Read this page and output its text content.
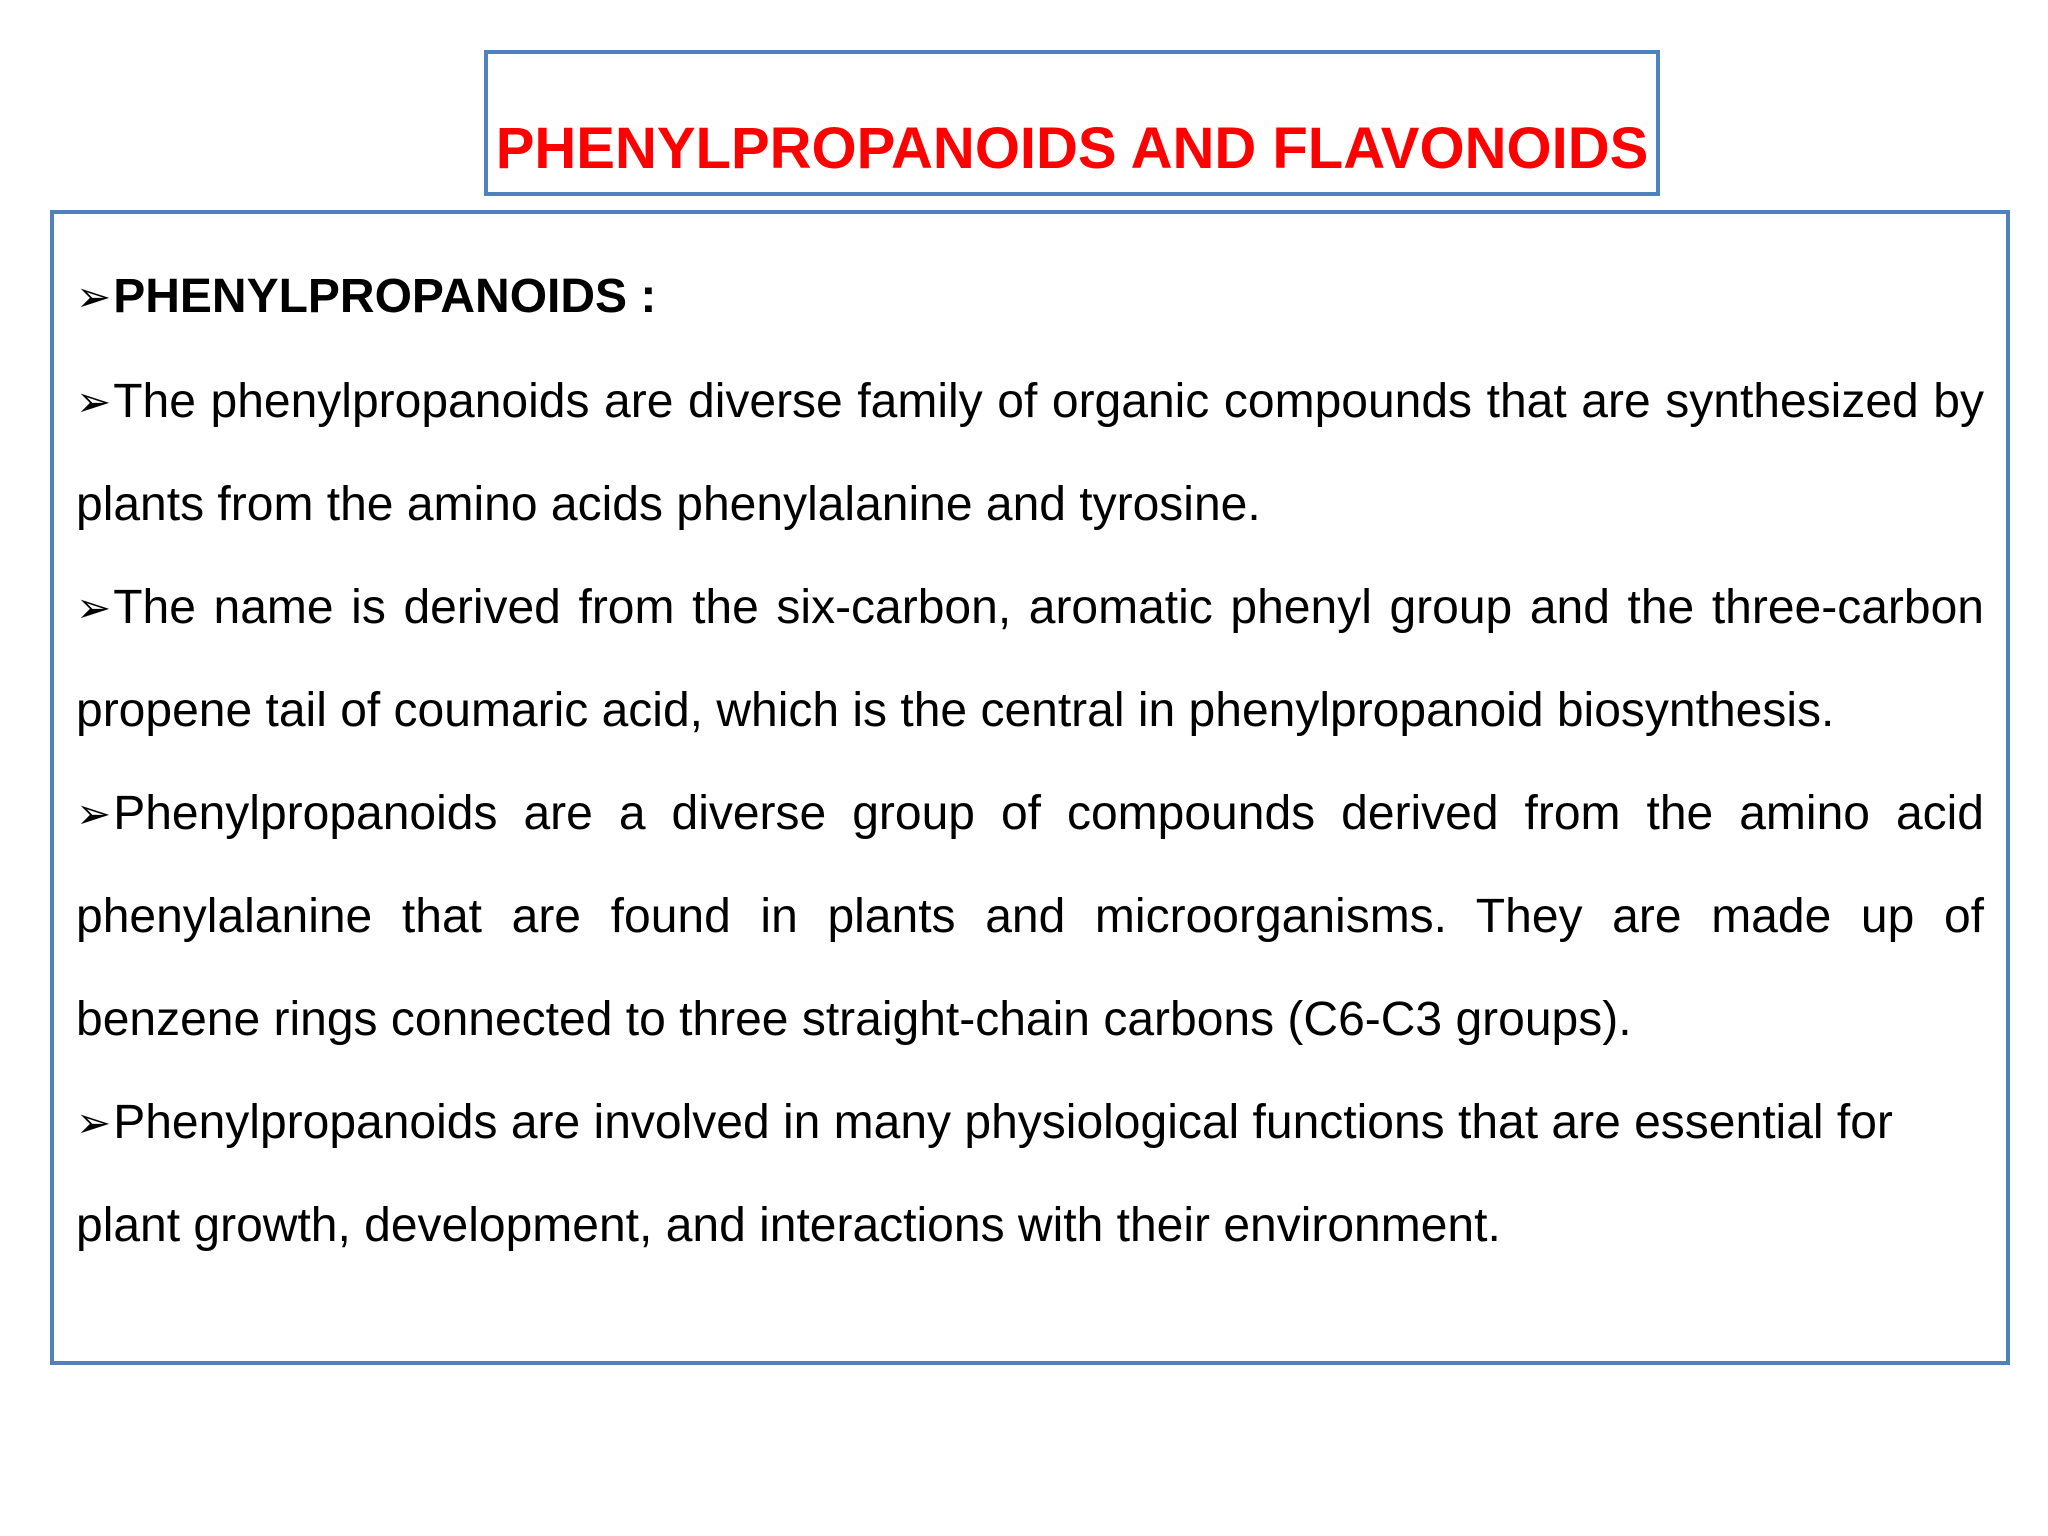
PHENYLPROPANOIDS AND FLAVONOIDS

➢PHENYLPROPANOIDS :

➢The phenylpropanoids are diverse family of organic compounds that are synthesized by plants from the amino acids phenylalanine and tyrosine.

➢The name is derived from the six-carbon, aromatic phenyl group and the three-carbon propene tail of coumaric acid, which is the central in phenylpropanoid biosynthesis.

➢Phenylpropanoids are a diverse group of compounds derived from the amino acid phenylalanine that are found in plants and microorganisms. They are made up of benzene rings connected to three straight-chain carbons (C6-C3 groups).

➢Phenylpropanoids are involved in many physiological functions that are essential for plant growth, development, and interactions with their environment.
